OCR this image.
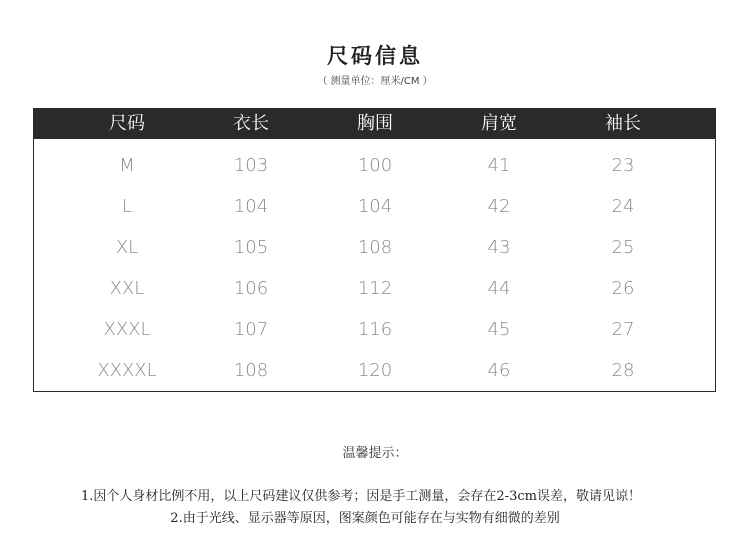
尺码信息
（ 测量单位：厘米/CM ）
尺码	衣长	胸围	肩宽	袖长
M	103	100	41	23
L	104	104	42	24
XL	105	108	43	25
XXL	106	112	44	26
XXXL	107	116	45	27
XXXXL	108	120	46	28
温馨提示：
1.因个人身材比例不用，以上尺码建议仅供参考；因是手工测量，会存在2-3cm误差，敬请见谅！
2.由于光线、显示器等原因，图案颜色可能存在与实物有细微的差别
